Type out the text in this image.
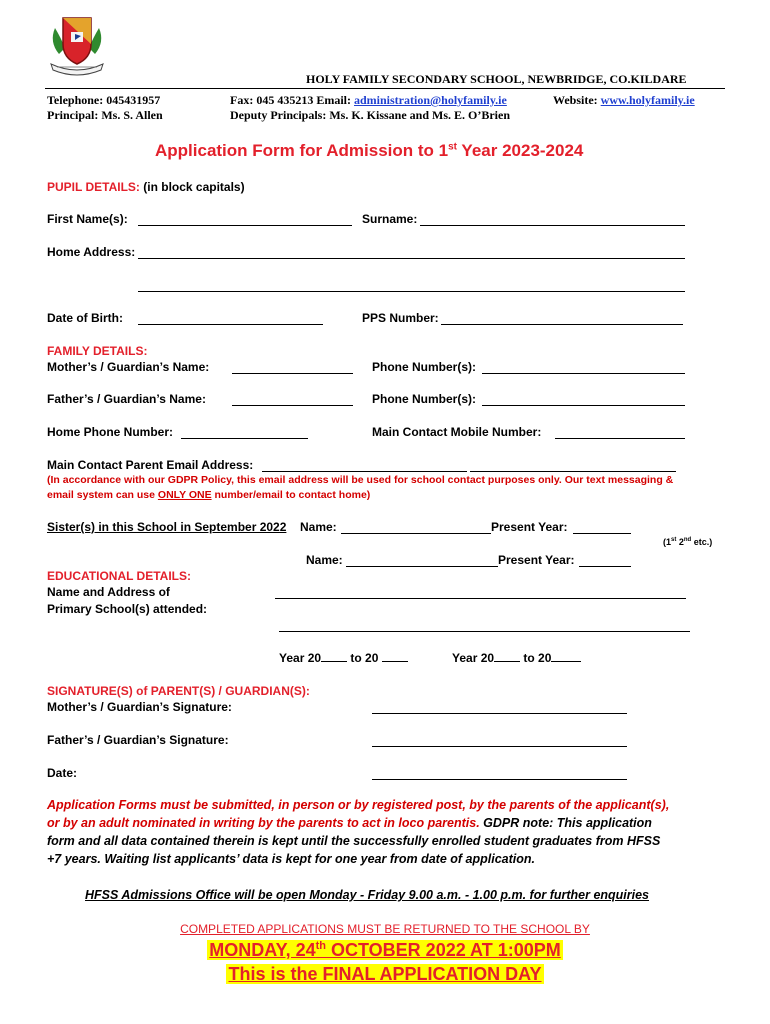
HOLY FAMILY SECONDARY SCHOOL, NEWBRIDGE, CO.KILDARE
Telephone: 045431957
Principal: Ms. S. Allen
Fax: 045 435213 Email: administration@holyfamily.ie	Website: www.holyfamily.ie
Deputy Principals: Ms. K. Kissane and Ms. E. O’Brien
Application Form for Admission to 1st Year 2023-2024
PUPIL DETAILS: (in block capitals)
First Name(s):	Surname:
Home Address:
Date of Birth:	PPS Number:
FAMILY DETAILS:
Mother’s / Guardian’s Name:	Phone Number(s):
Father’s / Guardian’s Name:	Phone Number(s):
Home Phone Number:	Main Contact Mobile Number:
Main Contact Parent Email Address:
(In accordance with our GDPR Policy, this email address will be used for school contact purposes only. Our text messaging &
email system can use ONLY ONE number/email to contact home)
Sister(s) in this School in September 2022 Name:	Present Year:
(1st 2nd etc.)
Name:	Present Year:
EDUCATIONAL DETAILS:
Name and Address of
Primary School(s) attended:
Year 20 to 20	Year 20 to 20
SIGNATURE(S) of PARENT(S) / GUARDIAN(S):
Mother’s / Guardian’s Signature:
Father’s / Guardian’s Signature:
Date:
Application Forms must be submitted, in person or by registered post, by the parents of the applicant(s),
or by an adult nominated in writing by the parents to act in loco parentis. GDPR note: This application
form and all data contained therein is kept until the successfully enrolled student graduates from HFSS
+7 years. Waiting list applicants’ data is kept for one year from date of application.
HFSS Admissions Office will be open Monday - Friday 9.00 a.m. - 1.00 p.m. for further enquiries
COMPLETED APPLICATIONS MUST BE RETURNED TO THE SCHOOL BY
MONDAY, 24th OCTOBER 2022 AT 1:00PM
This is the FINAL APPLICATION DAY
